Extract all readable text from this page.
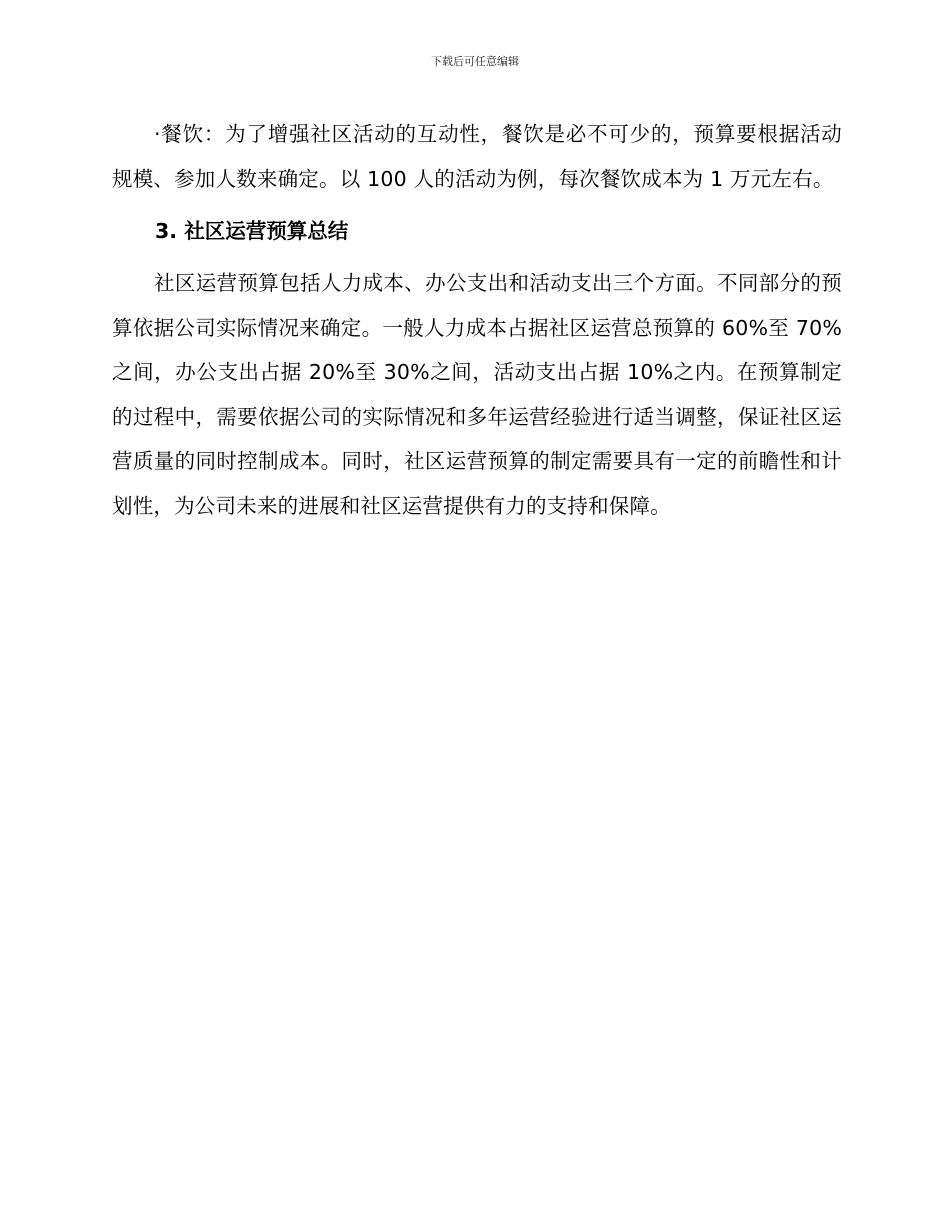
下载后可任意编辑

·餐饮：为了增强社区活动的互动性，餐饮是必不可少的，预算要根据活动规模、参加人数来确定。以 100 人的活动为例，每次餐饮成本为 1 万元左右。

3. 社区运营预算总结

社区运营预算包括人力成本、办公支出和活动支出三个方面。不同部分的预算依据公司实际情况来确定。一般人力成本占据社区运营总预算的 60%至 70%之间，办公支出占据 20%至 30%之间，活动支出占据 10%之内。在预算制定的过程中，需要依据公司的实际情况和多年运营经验进行适当调整，保证社区运营质量的同时控制成本。同时，社区运营预算的制定需要具有一定的前瞻性和计划性，为公司未来的进展和社区运营提供有力的支持和保障。
